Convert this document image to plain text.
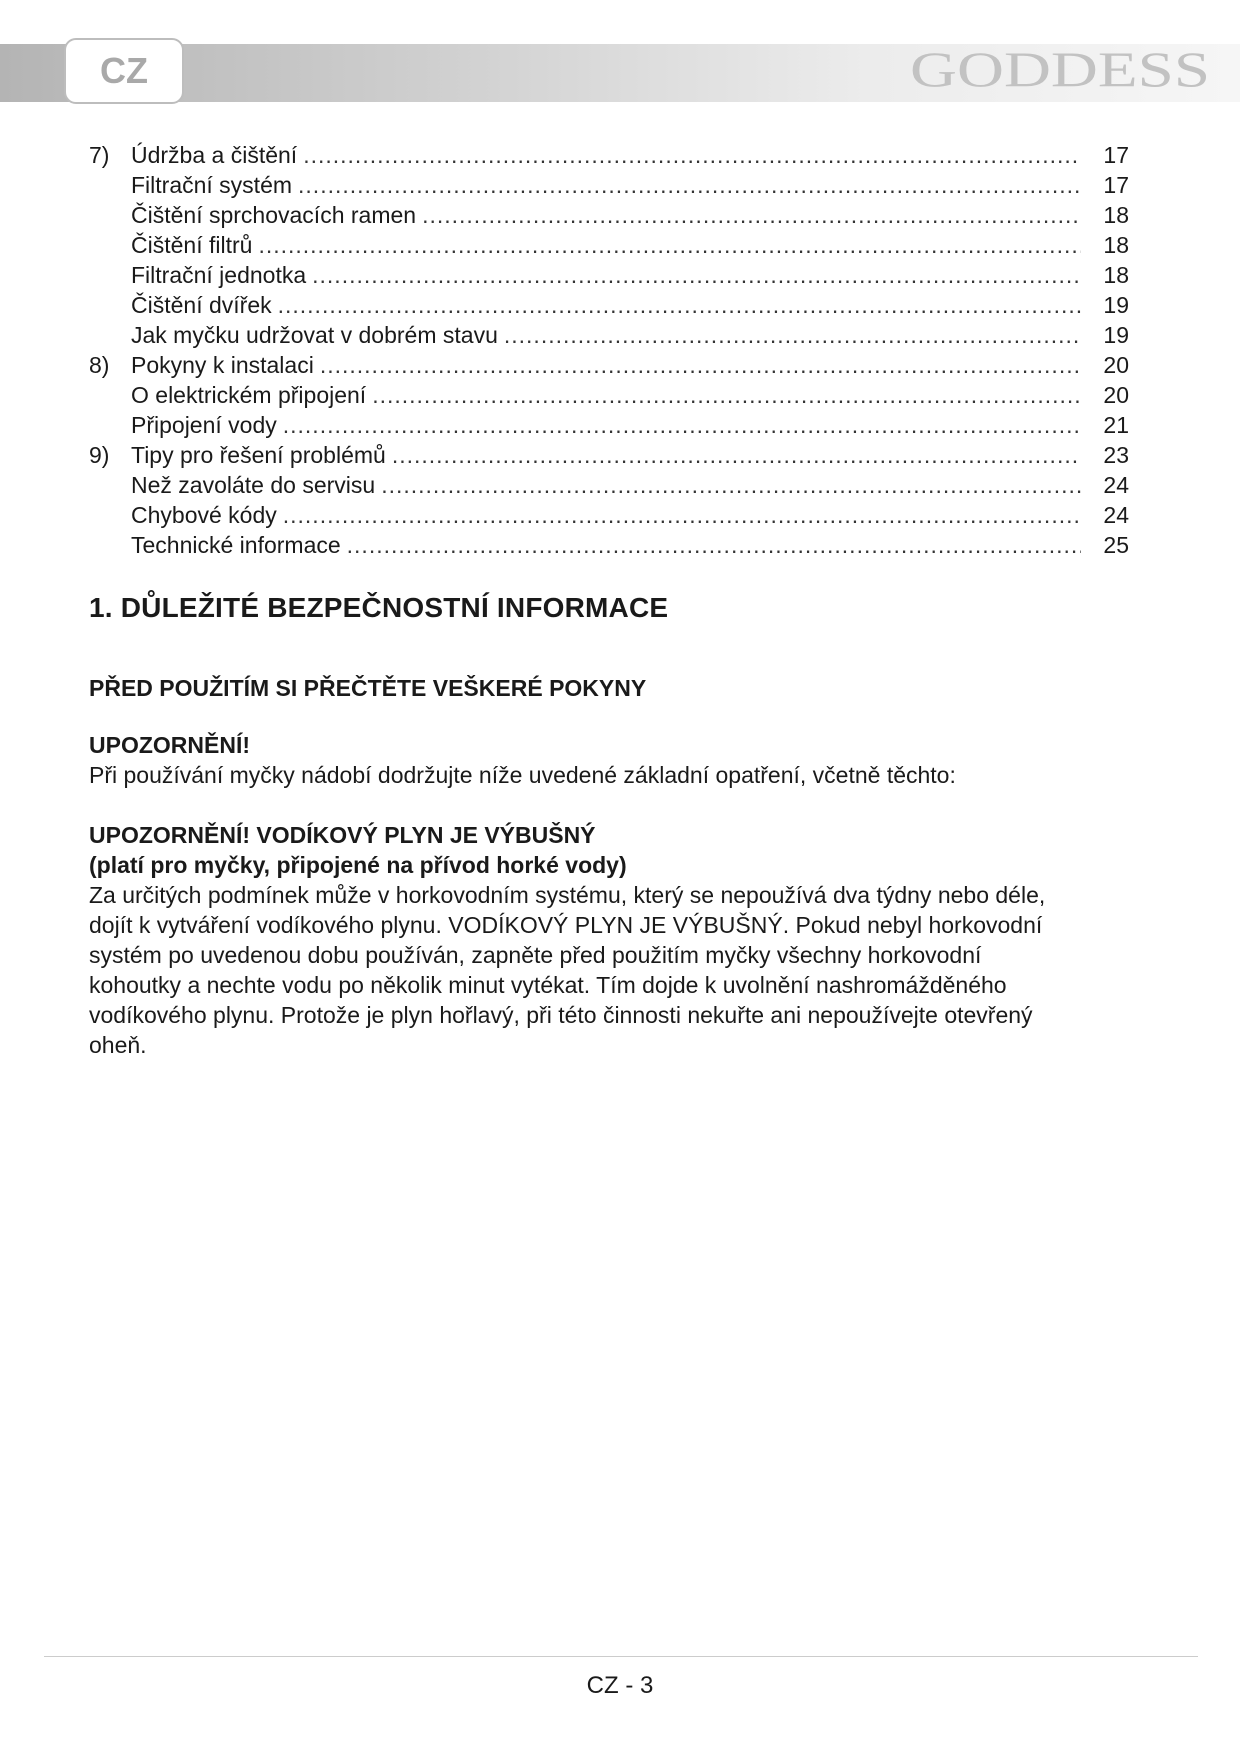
CZ	GODDESS
7) Údržba a čištění .....	17
Filtrační systém .....	17
Čištění sprchovacích ramen .....	18
Čištění filtrů .....	18
Filtrační jednotka .....	18
Čištění dvířek .....	19
Jak myčku udržovat v dobrém stavu .....	19
8) Pokyny k instalaci .....	20
O elektrickém připojení .....	20
Připojení vody .....	21
9) Tipy pro řešení problémů .....	23
Než zavoláte do servisu .....	24
Chybové kódy .....	24
Technické informace .....	25
1. DŮLEŽITÉ BEZPEČNOSTNÍ INFORMACE
PŘED POUŽITÍM SI PŘEČTĚTE VEŠKERÉ POKYNY
UPOZORNĚNÍ!
Při používání myčky nádobí dodržujte níže uvedené základní opatření, včetně těchto:
UPOZORNĚNÍ! VODÍKOVÝ PLYN JE VÝBUŠNÝ
(platí pro myčky, připojené na přívod horké vody)
Za určitých podmínek může v horkovodním systému, který se nepoužívá dva týdny nebo déle,
dojít k vytváření vodíkového plynu. VODÍKOVÝ PLYN JE VÝBUŠNÝ. Pokud nebyl horkovodní
systém po uvedenou dobu používán, zapněte před použitím myčky všechny horkovodní
kohoutky a nechte vodu po několik minut vytékat. Tím dojde k uvolnění nashromážděného
vodíkového plynu. Protože je plyn hořlavý, při této činnosti nekuřte ani nepoužívejte otevřený
oheň.
CZ - 3
